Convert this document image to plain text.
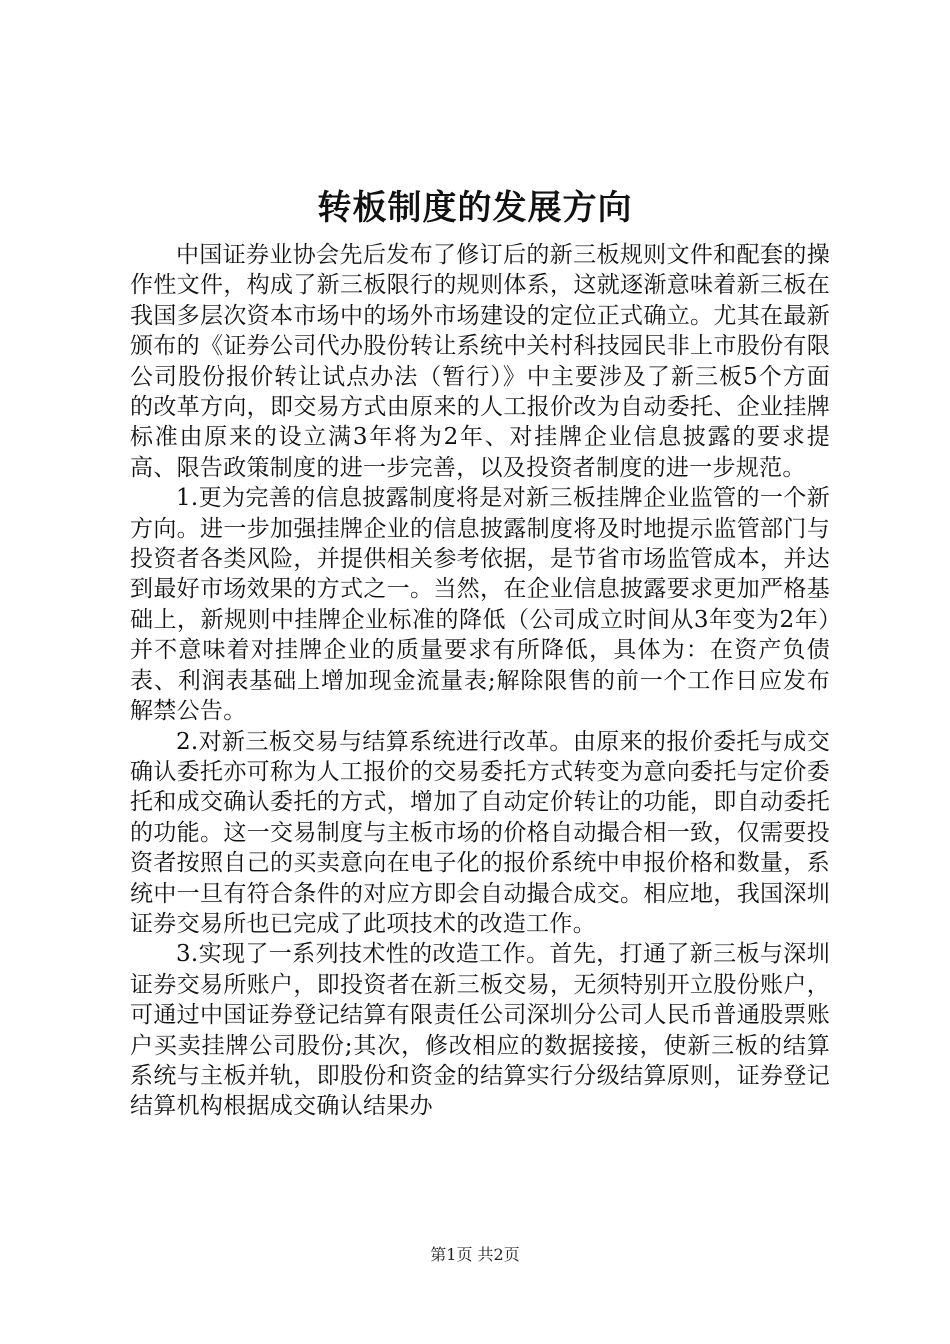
转板制度的发展方向

中国证券业协会先后发布了修订后的新三板规则文件和配套的操作性文件，构成了新三板限行的规则体系，这就逐渐意味着新三板在我国多层次资本市场中的场外市场建设的定位正式确立。尤其在最新颁布的《证券公司代办股份转让系统中关村科技园民非上市股份有限公司股份报价转让试点办法（暂行）》中主要涉及了新三板5个方面的改革方向，即交易方式由原来的人工报价改为自动委托、企业挂牌标准由原来的设立满3年将为2年、对挂牌企业信息披露的要求提高、限告政策制度的进一步完善，以及投资者制度的进一步规范。

1.更为完善的信息披露制度将是对新三板挂牌企业监管的一个新方向。进一步加强挂牌企业的信息披露制度将及时地提示监管部门与投资者各类风险，并提供相关参考依据，是节省市场监管成本，并达到最好市场效果的方式之一。当然，在企业信息披露要求更加严格基础上，新规则中挂牌企业标准的降低（公司成立时间从3年变为2年）并不意味着对挂牌企业的质量要求有所降低，具体为：在资产负债表、利润表基础上增加现金流量表;解除限售的前一个工作日应发布解禁公告。

2.对新三板交易与结算系统进行改革。由原来的报价委托与成交确认委托亦可称为人工报价的交易委托方式转变为意向委托与定价委托和成交确认委托的方式，增加了自动定价转让的功能，即自动委托的功能。这一交易制度与主板市场的价格自动撮合相一致，仅需要投资者按照自己的买卖意向在电子化的报价系统中申报价格和数量，系统中一旦有符合条件的对应方即会自动撮合成交。相应地，我国深圳证券交易所也已完成了此项技术的改造工作。

3.实现了一系列技术性的改造工作。首先，打通了新三板与深圳证券交易所账户，即投资者在新三板交易，无须特别开立股份账户，可通过中国证券登记结算有限责任公司深圳分公司人民币普通股票账户买卖挂牌公司股份;其次，修改相应的数据接接，使新三板的结算系统与主板并轨，即股份和资金的结算实行分级结算原则，证券登记结算机构根据成交确认结果办

第1页 共2页
